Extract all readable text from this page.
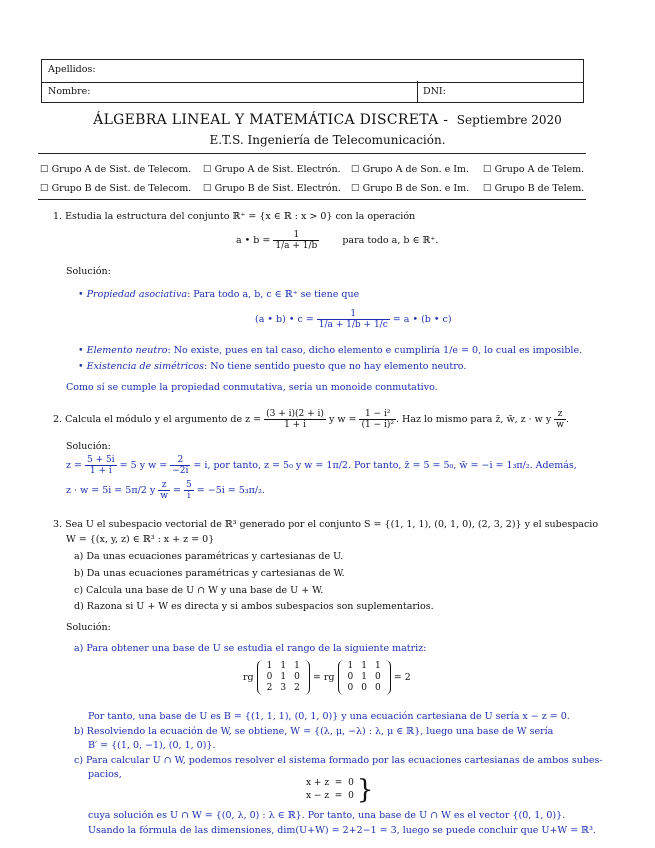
Apellidos:
Nombre:	DNI:
ÁLGEBRA LINEAL Y MATEMÁTICA DISCRETA - Septiembre 2020
E.T.S. Ingeniería de Telecomunicación.
☐ Grupo A de Sist. de Telecom. ☐ Grupo A de Sist. Electrón. ☐ Grupo A de Son. e Im. ☐ Grupo A de Telem.
☐ Grupo B de Sist. de Telecom. ☐ Grupo B de Sist. Electrón. ☐ Grupo B de Son. e Im. ☐ Grupo B de Telem.
1. Estudia la estructura del conjunto ℝ⁺ = {x ∈ ℝ : x > 0} con la operación
a • $b = \frac{1}{1/a + 1/b}$ para todo a, b ∈ ℝ⁺.
Solución:
• Propiedad asociativa: Para todo a, b, c ∈ ℝ⁺ se tiene que
(a • b) • $c = \frac{1}{1/a + 1/b + 1/c} = a$ • (b • c)
• Elemento neutro: No existe, pues en tal caso, dicho elemento e cumpliría 1/e = 0, lo cual es imposible.
• Existencia de simétricos: No tiene sentido puesto que no hay elemento neutro.
Como sí se cumple la propiedad conmutativa, sería un monoide conmutativo.
2. Calcula el módulo y el argumento de $z = \frac{(3 + i)(2 + i)}{1 + i}$ y $w = \frac{\text{1 − i²}}{\text{(1 − i)²}}$ . Haz lo mismo para z̄, w̄, z · w y $\frac{z}{w}$ .
Solución:
$z = \frac{5 + 5i}{1 + i} = 5$ y $w = \frac{2}{-2i} = i$, por tanto, z = 5₀ y w = 1π/2. Por tanto, z̄ = 5 = 5₀, w̄ = −i = 1₃π/₂. Además,
z · w = 5i = 5π/2 y $\frac{z}{w} = \frac{5}{i} = -5i = 5_3\pi/_2$.
3. Sea U el subespacio vectorial de ℝ³ generado por el conjunto S = {(1, 1, 1), (0, 1, 0), (2, 3, 2)} y el subespacio
W = {(x, y, z) ∈ ℝ³ : x + z = 0}
a) Da unas ecuaciones paramétricas y cartesianas de U.
b) Da unas ecuaciones paramétricas y cartesianas de W.
c) Calcula una base de U ∩ W y una base de U + W.
d) Razona si U + W es directa y si ambos subespacios son suplementarios.
Solución:
a) Para obtener una base de U se estudia el rango de la siguiente matriz:
rg
1	1	1
0	1	0
2	3	2
= rg
1	1	1
0	1	0
0	0	0
= 2
Por tanto, una base de U es B = {(1, 1, 1), (0, 1, 0)} y una ecuación cartesiana de U sería x − z = 0.
b) Resolviendo la ecuación de W, se obtiene, W = {(λ, μ, −λ) : λ, μ ∈ ℝ}, luego una base de W sería
B′ = {(1, 0, −1), (0, 1, 0)}.
c) Para calcular U ∩ W, podemos resolver el sistema formado por las ecuaciones cartesianas de ambos subes-
pacios,
x + z  =  0
x − z  =  0 }
cuya solución es U ∩ W = {(0, λ, 0) : λ ∈ ℝ}. Por tanto, una base de U ∩ W es el vector {(0, 1, 0)}.
Usando la fórmula de las dimensiones, dim(U+W) = 2+2−1 = 3, luego se puede concluir que U+W = ℝ³.
